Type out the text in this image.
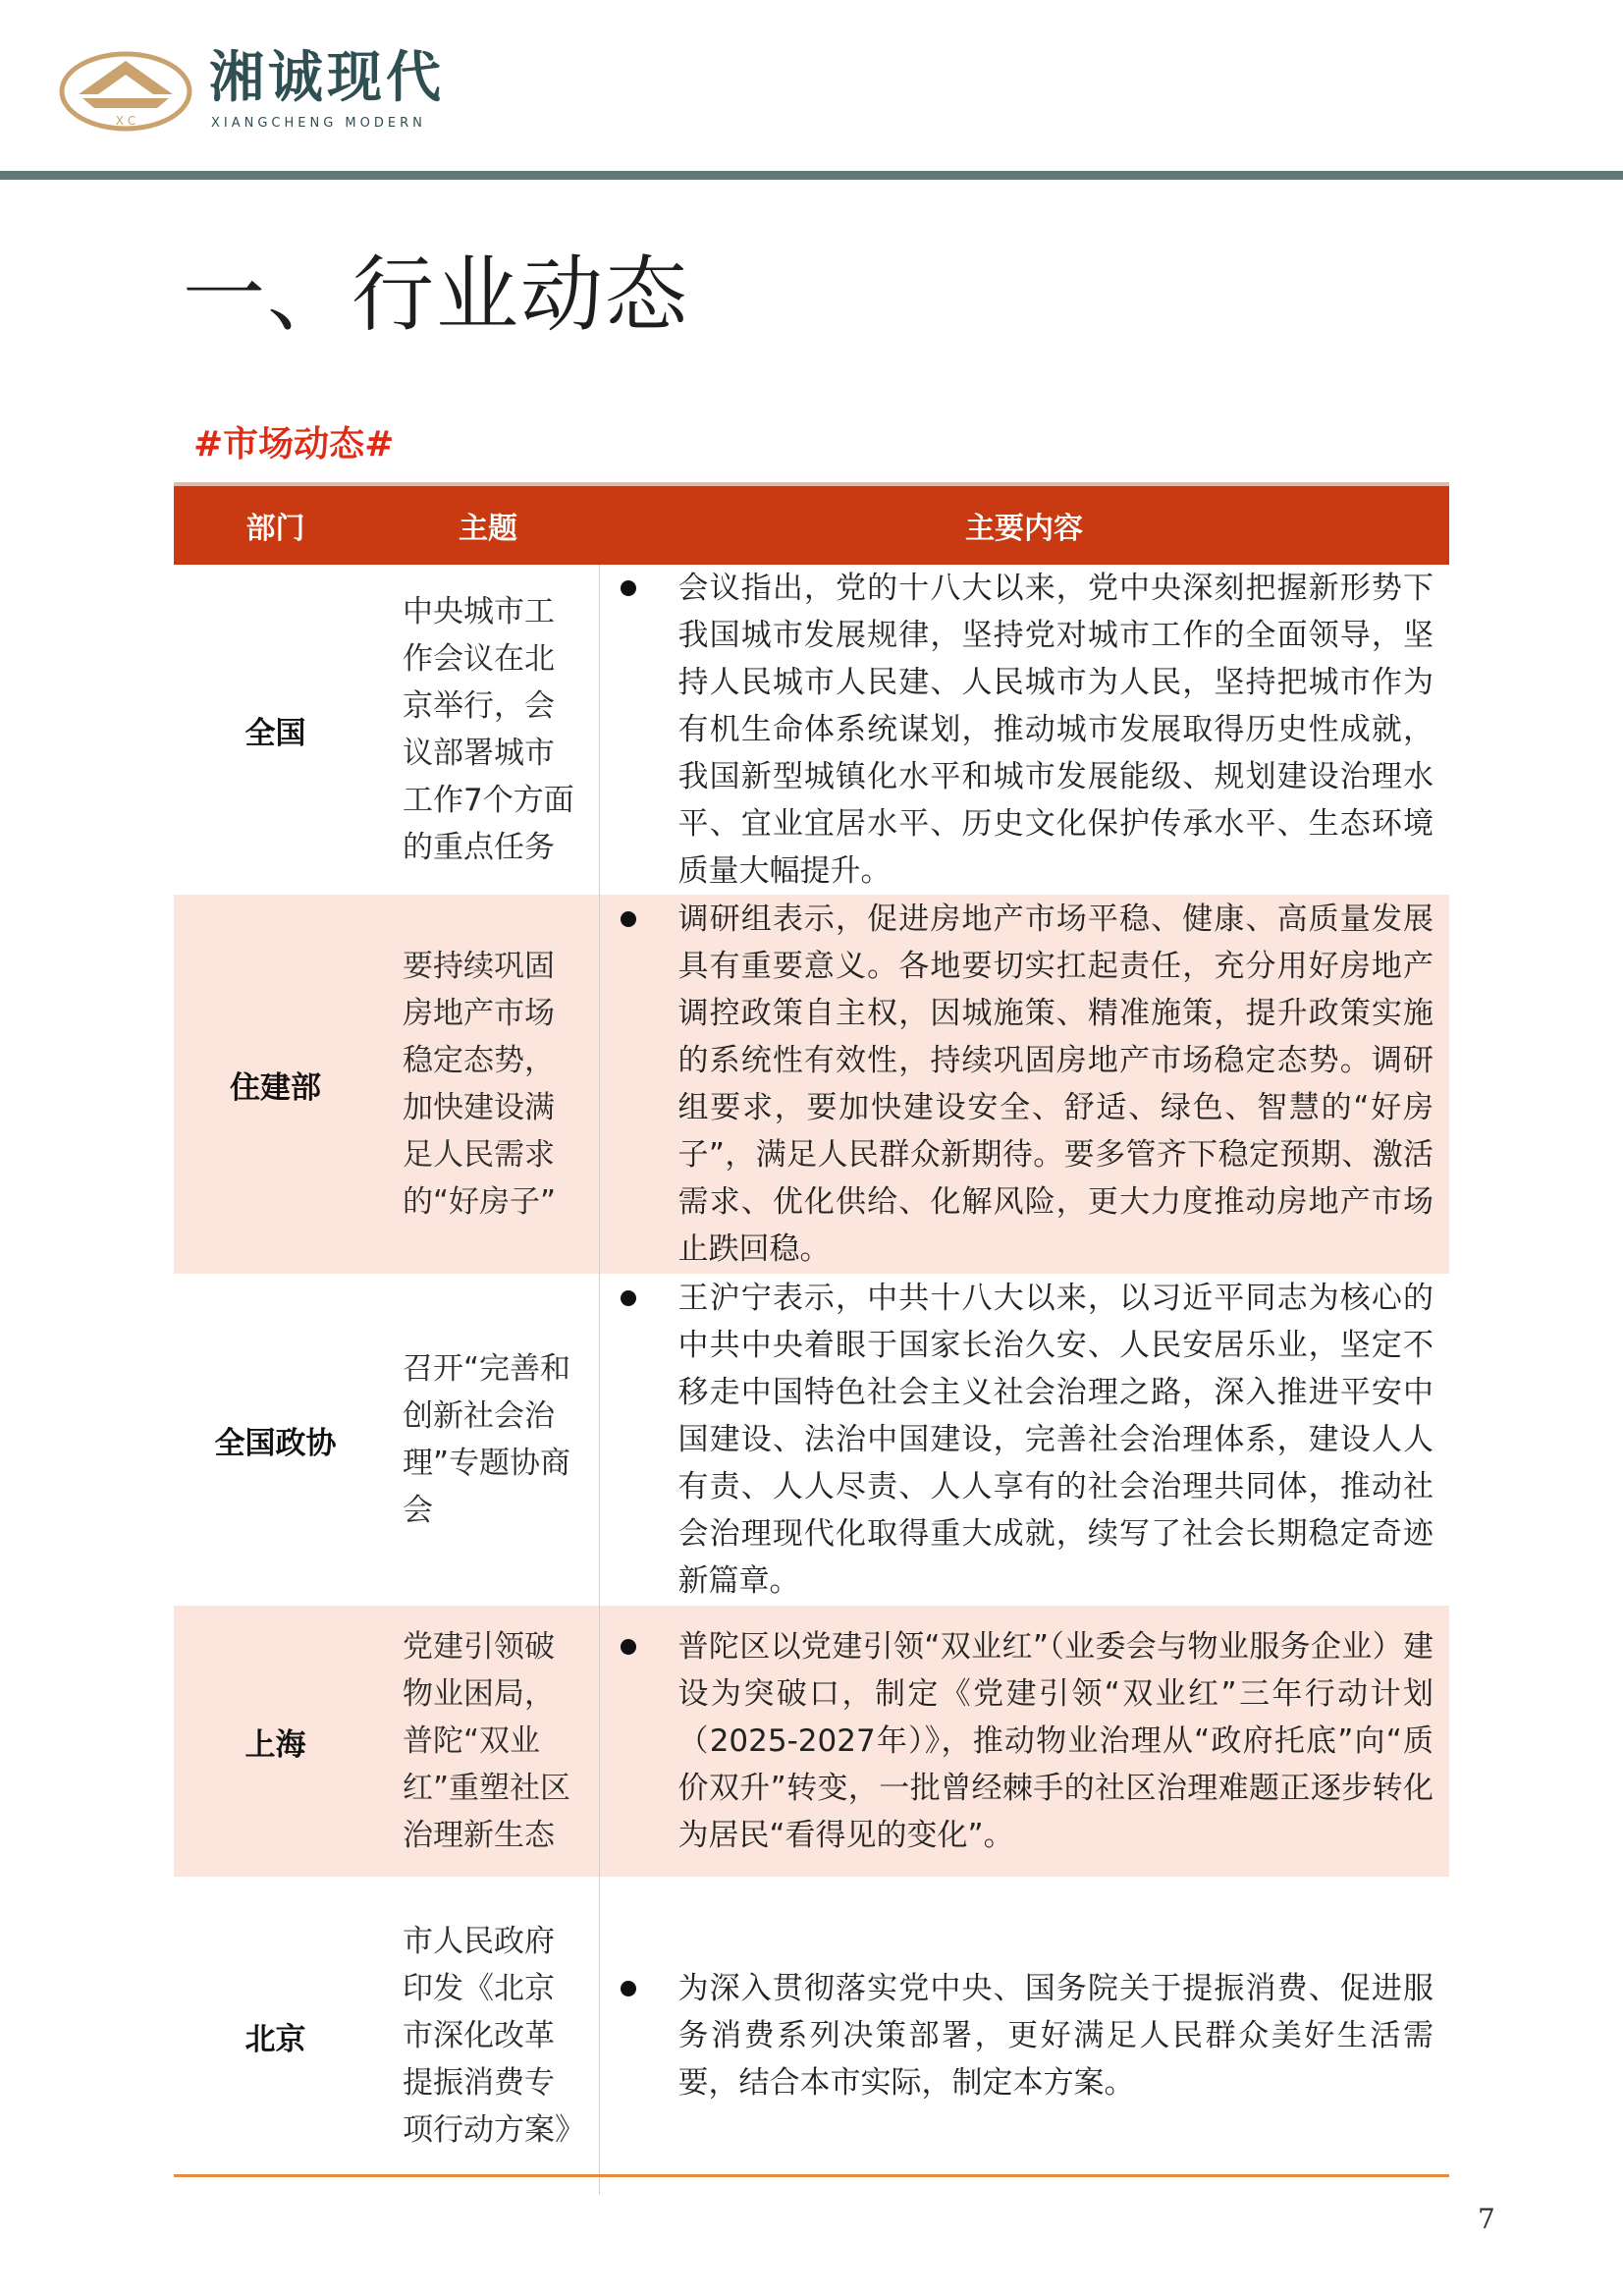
X C
湘诚现代
XIANGCHENG MODERN
一、行业动态
#市场动态#
部门	主题	主要内容
全国	中央城市工作会议在北京举行，会议部署城市工作7个方面的重点任务	会议指出，党的十八大以来，党中央深刻把握新形势下我国城市发展规律，坚持党对城市工作的全面领导，坚持人民城市人民建、人民城市为人民，坚持把城市作为有机生命体系统谋划，推动城市发展取得历史性成就，我国新型城镇化水平和城市发展能级、规划建设治理水平、宜业宜居水平、历史文化保护传承水平、生态环境质量大幅提升。

住建部	要持续巩固房地产市场稳定态势，加快建设满足人民需求的“好房子”	调研组表示，促进房地产市场平稳、健康、高质量发展具有重要意义。各地要切实扛起责任，充分用好房地产调控政策自主权，因城施策、精准施策，提升政策实施的系统性有效性，持续巩固房地产市场稳定态势。调研组要求，要加快建设安全、舒适、绿色、智慧的“好房子”，满足人民群众新期待。要多管齐下稳定预期、激活需求、优化供给、化解风险，更大力度推动房地产市场止跌回稳。

全国政协	召开“完善和创新社会治理”专题协商会	王沪宁表示，中共十八大以来，以习近平同志为核心的中共中央着眼于国家长治久安、人民安居乐业，坚定不移走中国特色社会主义社会治理之路，深入推进平安中国建设、法治中国建设，完善社会治理体系，建设人人有责、人人尽责、人人享有的社会治理共同体，推动社会治理现代化取得重大成就，续写了社会长期稳定奇迹新篇章。

上海	党建引领破物业困局，普陀“双业红”重塑社区治理新生态	普陀区以党建引领“双业红”（业委会与物业服务企业）建设为突破口，制定《党建引领“双业红”三年行动计划（2025-2027年）》，推动物业治理从“政府托底”向“质价双升”转变，一批曾经棘手的社区治理难题正逐步转化为居民“看得见的变化”。

北京	市人民政府印发《北京市深化改革提振消费专项行动方案》	为深入贯彻落实党中央、国务院关于提振消费、促进服务消费系列决策部署，更好满足人民群众美好生活需要，结合本市实际，制定本方案。
7
